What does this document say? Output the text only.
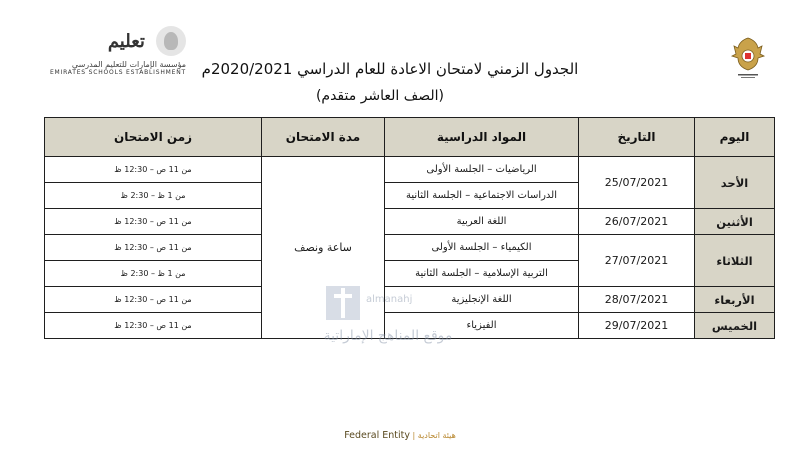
تعليم
مؤسسة الإمارات للتعليم المدرسي
EMIRATES SCHOOLS ESTABLISHMENT الجدول الزمني لامتحان الاعادة للعام الدراسي 2020/2021م
(الصف العاشر متقدم)
اليوم	التاريخ	المواد الدراسية	مدة الامتحان	زمن الامتحان
الأحد	25/07/2021	الرياضيات – الجلسة الأولى	ساعة ونصف	من 11 ص – 12:30 ظ
		الدراسات الاجتماعية – الجلسة الثانية		من 1 ظ – 2:30 ظ
الأثنين	26/07/2021	اللغة العربية		من 11 ص – 12:30 ظ
الثلاثاء	27/07/2021	الكيمياء – الجلسة الأولى		من 11 ص – 12:30 ظ
		التربية الإسلامية – الجلسة الثانية		من 1 ظ – 2:30 ظ
الأربعاء	28/07/2021	اللغة الإنجليزية		من 11 ص – 12:30 ظ
الخميس	29/07/2021	الفيزياء		من 11 ص – 12:30 ظ
almanahj
موقع المناهج الإماراتية
Federal Entity | هيئة اتحادية
